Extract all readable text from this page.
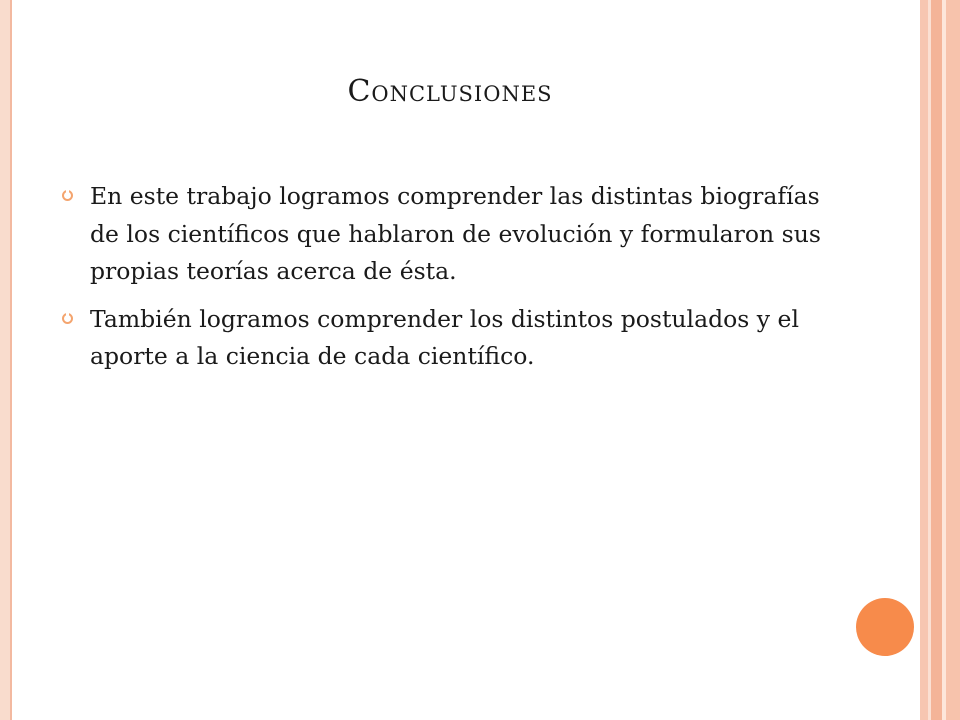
Conclusiones
En este trabajo logramos comprender las distintas biografías de los científicos que hablaron de evolución y formularon sus propias teorías acerca de ésta.
También logramos comprender los distintos postulados y el aporte a la ciencia de cada científico.
